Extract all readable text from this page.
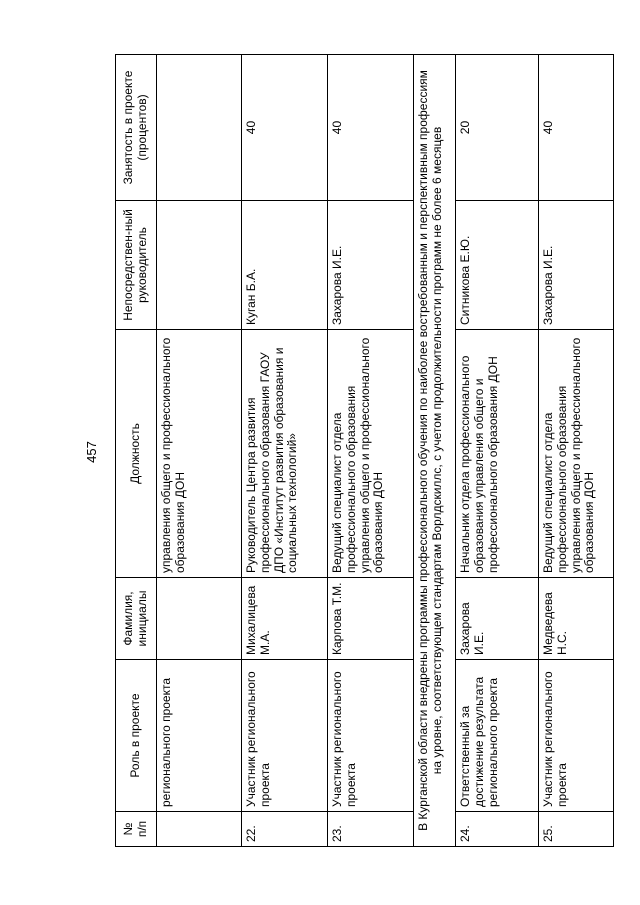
457
№ п/п	Роль в проекте	Фамилия, инициалы	Должность	Непосредствен-ный руководитель	Занятость в проекте (процентов)
	регионального проекта		управления общего и профессионального образования ДОН		
22.	Участник регионального проекта	Михалицева М.А.	Руководитель Центра развития профессионального образования ГАОУ ДПО «Институт развития образования и социальных технологий»	Куган Б.А.	40
23.	Участник регионального проекта	Карпова Т.М.	Ведущий специалист отдела профессионального образования управления общего и профессионального образования ДОН	Захарова И.Е.	40
В Курганской области внедрены программы профессионального обучения по наиболее востребованным и перспективным профессиям на уровне, соответствующем стандартам Ворлдскиллс, с учетом продолжительности программ не более 6 месяцев					
24.	Ответственный за достижение результата регионального проекта	Захарова И.Е.	Начальник отдела профессионального образования управления общего и профессионального образования ДОН	Ситникова Е.Ю.	20
25.	Участник регионального проекта	Медведева Н.С.	Ведущий специалист отдела профессионального образования управления общего и профессионального образования ДОН	Захарова И.Е.	40
